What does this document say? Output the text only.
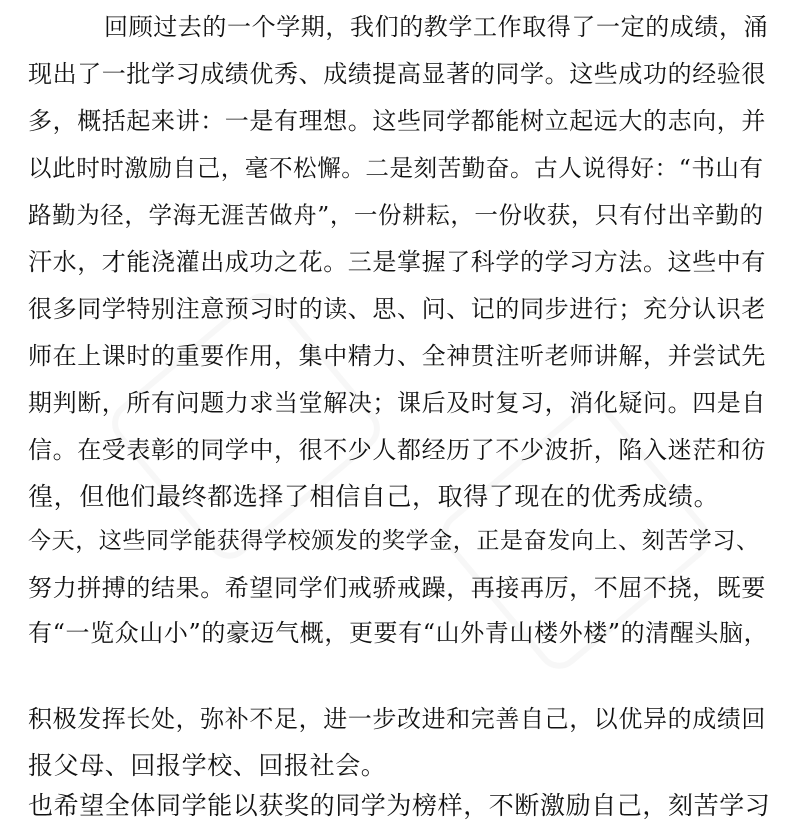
回顾过去的一个学期，我们的教学工作取得了一定的成绩，涌
现出了一批学习成绩优秀、成绩提高显著的同学。这些成功的经验很
多，概括起来讲：一是有理想。这些同学都能树立起远大的志向，并
以此时时激励自己，毫不松懈。二是刻苦勤奋。古人说得好：“书山有
路勤为径，学海无涯苦做舟”，一份耕耘，一份收获，只有付出辛勤的
汗水，才能浇灌出成功之花。三是掌握了科学的学习方法。这些中有
很多同学特别注意预习时的读、思、问、记的同步进行；充分认识老
师在上课时的重要作用，集中精力、全神贯注听老师讲解，并尝试先
期判断，所有问题力求当堂解决；课后及时复习，消化疑问。四是自
信。在受表彰的同学中，很不少人都经历了不少波折，陷入迷茫和彷
徨，但他们最终都选择了相信自己，取得了现在的优秀成绩。
今天，这些同学能获得学校颁发的奖学金，正是奋发向上、刻苦学习、
努力拼搏的结果。希望同学们戒骄戒躁，再接再厉，不屈不挠，既要
有“一览众山小”的豪迈气概，更要有“山外青山楼外楼”的清醒头脑，
积极发挥长处，弥补不足，进一步改进和完善自己，以优异的成绩回
报父母、回报学校、回报社会。
也希望全体同学能以获奖的同学为榜样，不断激励自己，刻苦学习
